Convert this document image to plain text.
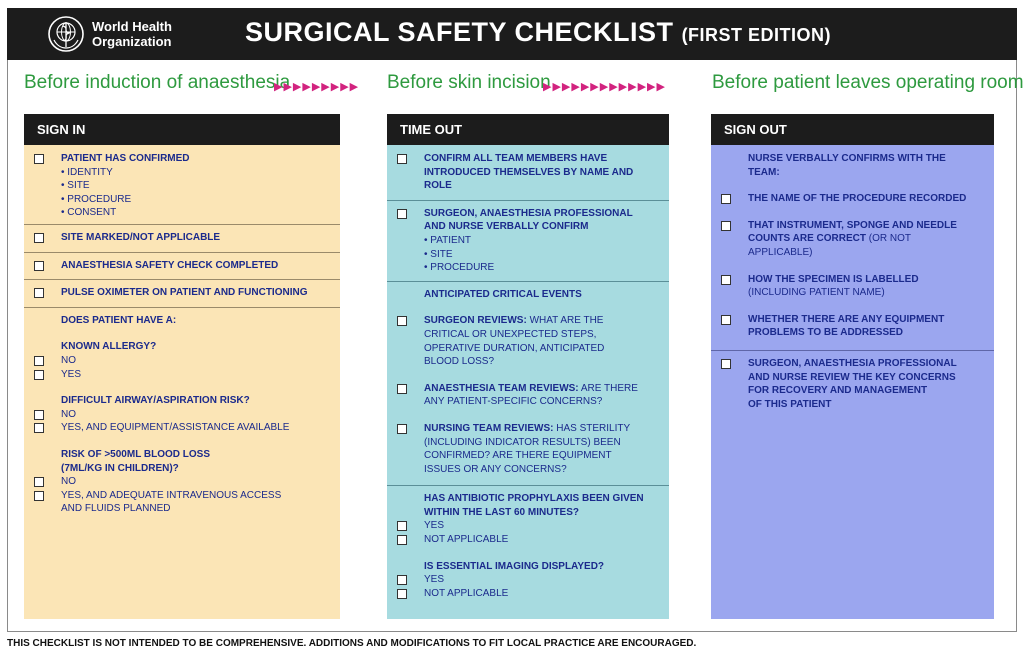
World Health
Organization	SURGICAL SAFETY CHECKLIST (FIRST EDITION)
Before induction of anaesthesia
▶▶▶▶▶▶▶▶▶ Before skin incision
▶▶▶▶▶▶▶▶▶▶▶▶▶ Before patient leaves operating room
SIGN IN
PATIENT HAS CONFIRMED
• IDENTITY
• SITE
• PROCEDURE
• CONSENT
SITE MARKED/NOT APPLICABLE
ANAESTHESIA SAFETY CHECK COMPLETED
PULSE OXIMETER ON PATIENT AND FUNCTIONING
DOES PATIENT HAVE A:
KNOWN ALLERGY?
NO
YES
DIFFICULT AIRWAY/ASPIRATION RISK?
NO
YES, AND EQUIPMENT/ASSISTANCE AVAILABLE
RISK OF >500ML BLOOD LOSS
(7ML/KG IN CHILDREN)?
NO
YES, AND ADEQUATE INTRAVENOUS ACCESS
AND FLUIDS PLANNED
TIME OUT
CONFIRM ALL TEAM MEMBERS HAVE
INTRODUCED THEMSELVES BY NAME AND
ROLE
SURGEON, ANAESTHESIA PROFESSIONAL
AND NURSE VERBALLY CONFIRM
• PATIENT
• SITE
• PROCEDURE
ANTICIPATED CRITICAL EVENTS
SURGEON REVIEWS: WHAT ARE THE
CRITICAL OR UNEXPECTED STEPS,
OPERATIVE DURATION, ANTICIPATED
BLOOD LOSS?
ANAESTHESIA TEAM REVIEWS: ARE THERE
ANY PATIENT-SPECIFIC CONCERNS?
NURSING TEAM REVIEWS: HAS STERILITY
(INCLUDING INDICATOR RESULTS) BEEN
CONFIRMED? ARE THERE EQUIPMENT
ISSUES OR ANY CONCERNS?
HAS ANTIBIOTIC PROPHYLAXIS BEEN GIVEN
WITHIN THE LAST 60 MINUTES?
YES
NOT APPLICABLE
IS ESSENTIAL IMAGING DISPLAYED?
YES
NOT APPLICABLE
SIGN OUT
NURSE VERBALLY CONFIRMS WITH THE
TEAM:
THE NAME OF THE PROCEDURE RECORDED
THAT INSTRUMENT, SPONGE AND NEEDLE
COUNTS ARE CORRECT (OR NOT
APPLICABLE)
HOW THE SPECIMEN IS LABELLED
(INCLUDING PATIENT NAME)
WHETHER THERE ARE ANY EQUIPMENT
PROBLEMS TO BE ADDRESSED
SURGEON, ANAESTHESIA PROFESSIONAL
AND NURSE REVIEW THE KEY CONCERNS
FOR RECOVERY AND MANAGEMENT
OF THIS PATIENT
THIS CHECKLIST IS NOT INTENDED TO BE COMPREHENSIVE. ADDITIONS AND MODIFICATIONS TO FIT LOCAL PRACTICE ARE ENCOURAGED.
